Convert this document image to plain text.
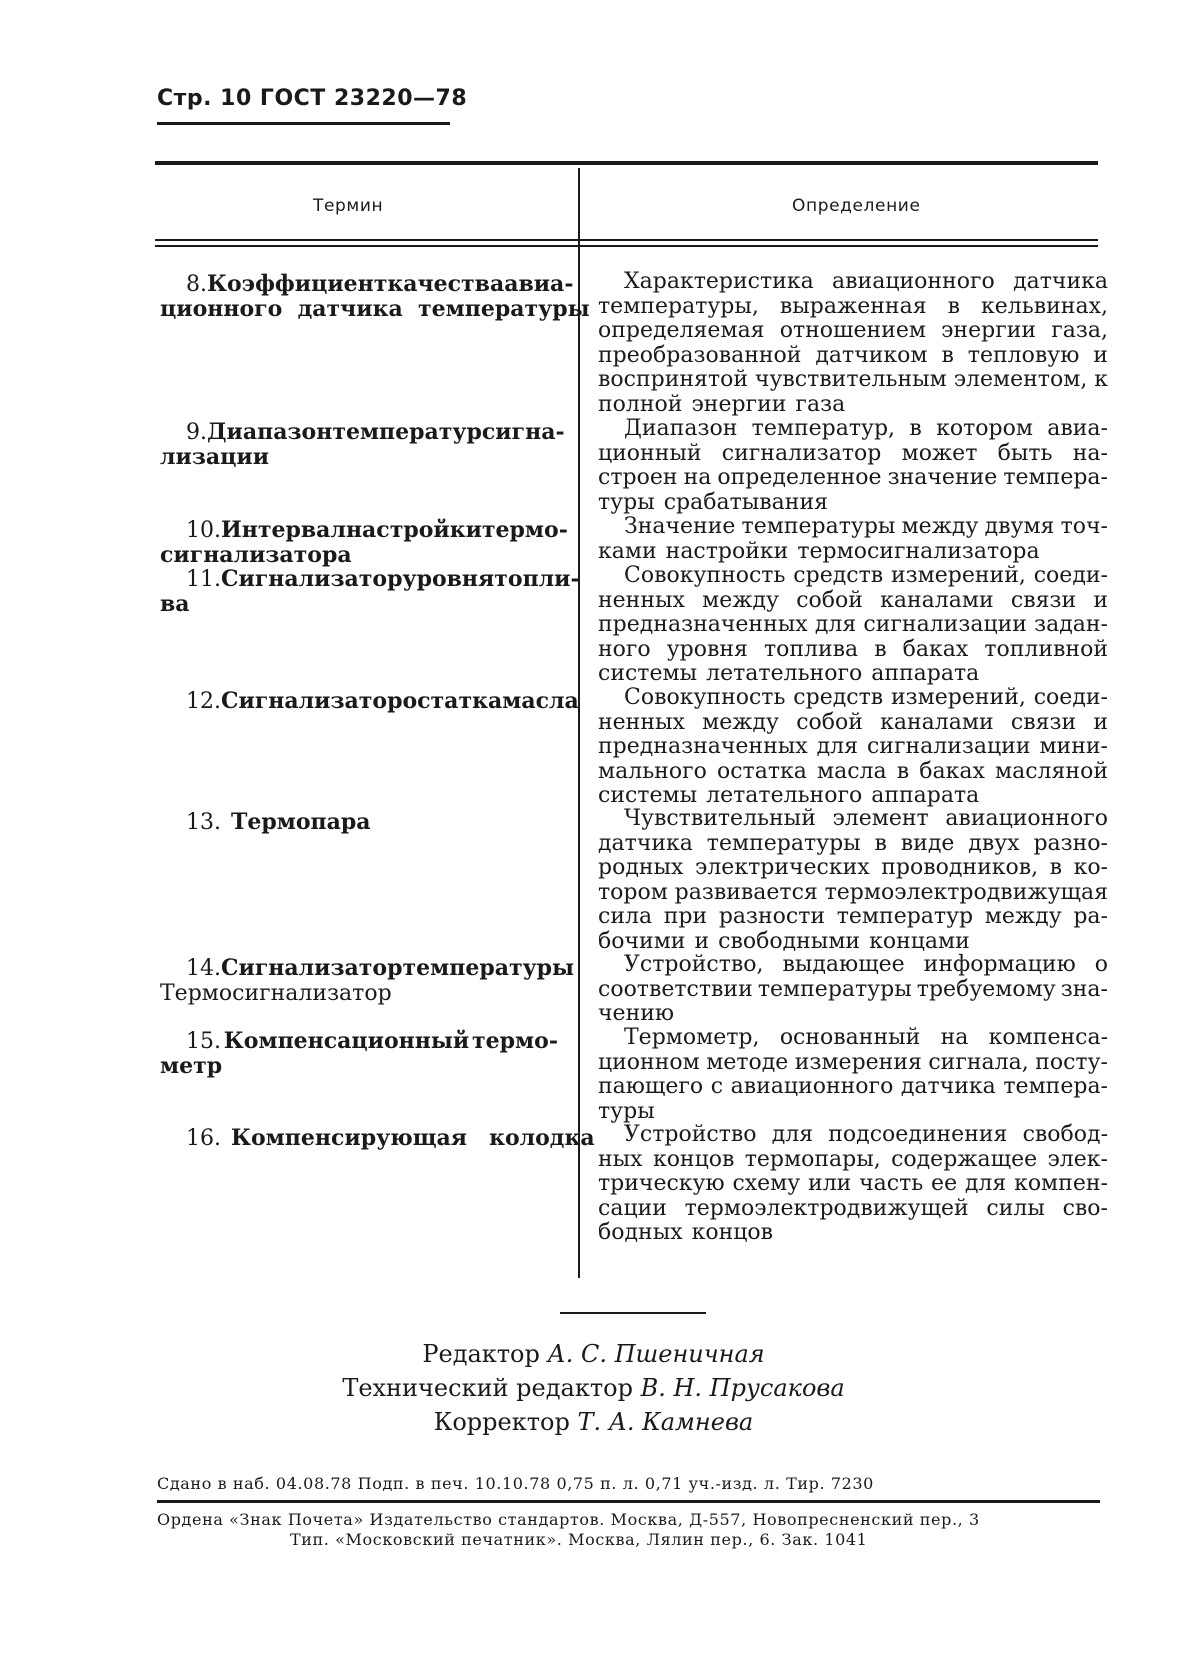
Стр. 10 ГОСТ 23220—78
Термин	Определение
8. Коэффициент качества авиа-
ционного  датчика  температуры
Характеристика авиационного датчика
температуры, выраженная в кельвинах,
определяемая отношением энергии газа,
преобразованной датчиком в тепловую и
воспринятой чувствительным элементом, к
полной энергии газа
9. Диапазон температур сигна-
лизации
Диапазон температур, в котором авиа-
ционный сигнализатор может быть на-
строен на определенное значение темпера-
туры срабатывания
10. Интервал настройки термо-
сигнализатора
Значение температуры между двумя точ-
ками настройки термосигнализатора
11. Сигнализатор уровня топли-
ва
Совокупность средств измерений, соеди-
ненных между собой каналами связи и
предназначенных для сигнализации задан-
ного уровня топлива в баках топливной
системы летательного аппарата
12. Сигнализатор остатка масла Совокупность средств измерений, соеди-
ненных между собой каналами связи и
предназначенных для сигнализации мини-
мального остатка масла в баках масляной
системы летательного аппарата
13. Термопара	Чувствительный элемент авиационного
датчика температуры в виде двух разно-
родных электрических проводников, в ко-
тором развивается термоэлектродвижущая
сила при разности температур между ра-
бочими и свободными концами
14. Сигнализатор температуры
Термосигнализатор
Устройство, выдающее информацию о
соответствии температуры требуемому зна-
чению
15. Компенсационный термо-
метр
Термометр, основанный на компенса-
ционном методе измерения сигнала, посту-
пающего с авиационного датчика темпера-
туры
16. Компенсирующая колодка Устройство для подсоединения свобод-
ных концов термопары, содержащее элек-
трическую схему или часть ее для компен-
сации термоэлектродвижущей силы сво-
бодных концов
Редактор А. С. Пшеничная
Технический редактор В. Н. Прусакова
Корректор Т. А. Камнева
Сдано в наб. 04.08.78 Подп. в печ. 10.10.78 0,75 п. л. 0,71 уч.-изд. л. Тир. 7230
Ордена «Знак Почета» Издательство стандартов. Москва, Д-557, Новопресненский пер., 3
Тип. «Московский печатник». Москва, Лялин пер., 6. Зак. 1041
